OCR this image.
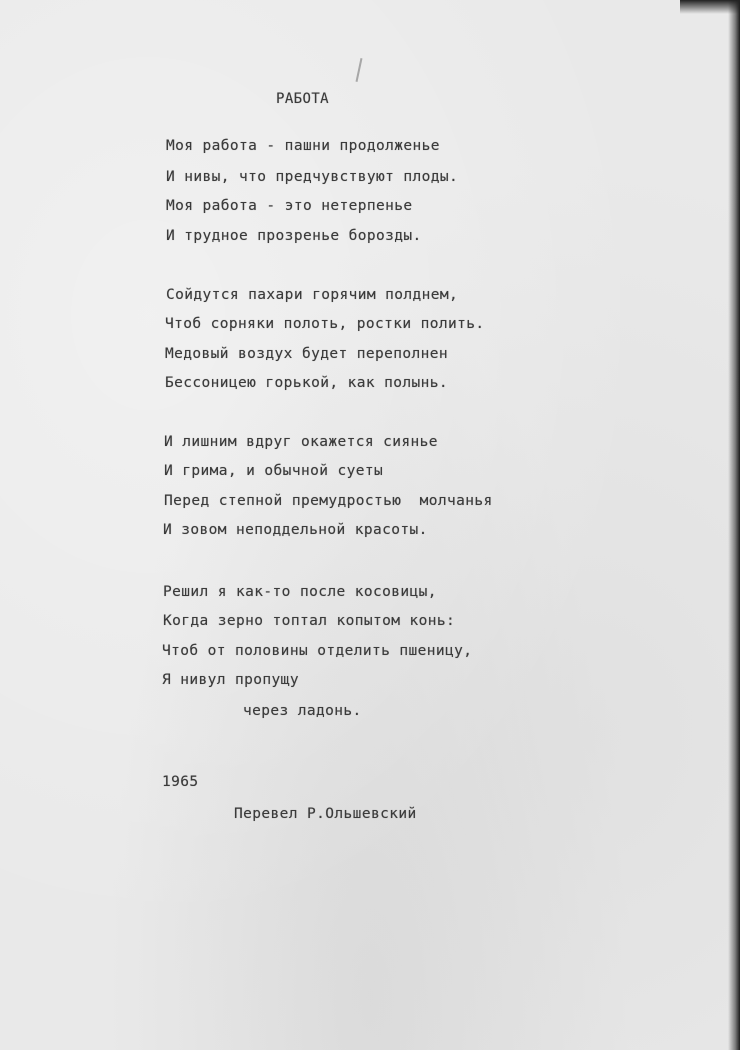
РАБОТА
Моя работа - пашни продолженье
И нивы, что предчувствуют плоды.
Моя работа - это нетерпенье
И трудное прозренье борозды.
Сойдутся пахари горячим полднем,
Чтоб сорняки полоть, ростки полить.
Медовый воздух будет переполнен
Бессоницею горькой, как полынь.
И лишним вдруг окажется сиянье
И грима, и обычной суеты
Перед степной премудростью  молчанья
И зовом неподдельной красоты.
Решил я как-то после косовицы,
Когда зерно топтал копытом конь:
Чтоб от половины отделить пшеницу,
Я нивул пропущу
через ладонь.
1965
Перевел Р.Ольшевский
